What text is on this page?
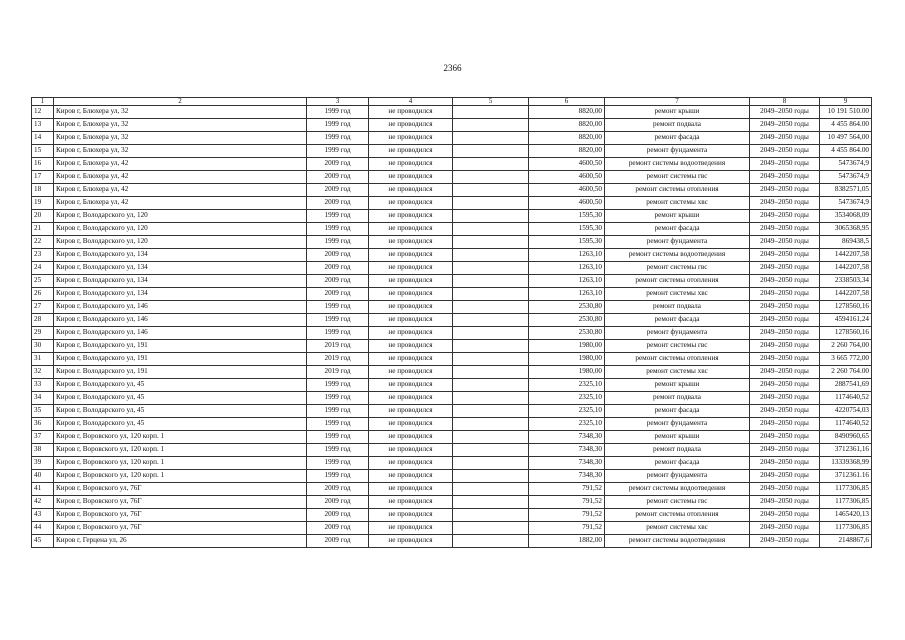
2366
1	2	3	4	5	6	7	8	9
12	Киров г, Блюхера ул, 32	1999 год	не проводился		8820,00	ремонт крыши	2049–2050 годы	10 191 510.00
13	Киров г, Блюхера ул, 32	1999 год	не проводился		8820,00	ремонт подвала	2049–2050 годы	4 455 864.00
14	Киров г, Блюхера ул, 32	1999 год	не проводился		8820,00	ремонт фасада	2049–2050 годы	10 497 564,00
15	Киров г, Блюхера ул, 32	1999 год	не проводился		8820,00	ремонт фундамента	2049–2050 годы	4 455 864.00
16	Киров г, Блюхера ул, 42	2009 год	не проводился		4600,50	ремонт системы водоотведения	2049–2050 годы	5473674,9
17	Киров г, Блюхера ул, 42	2009 год	не проводился		4600,50	ремонт системы гвс	2049–2050 годы	5473674,9
18	Киров г, Блюхера ул, 42	2009 год	не проводился		4600,50	ремонт системы отопления	2049–2050 годы	8382571,05
19	Киров г, Блюхера ул, 42	2009 год	не проводился		4600,50	ремонт системы хвс	2049–2050 годы	5473674,9
20	Киров г, Володарского ул, 120	1999 год	не проводился		1595,30	ремонт крыши	2049–2050 годы	3534068,09
21	Киров г, Володарского ул, 120	1999 год	не проводился		1595,30	ремонт фасада	2049–2050 годы	3065368,95
22	Киров г, Володарского ул, 120	1999 год	не проводился		1595,30	ремонт фундамента	2049–2050 годы	869438,5
23	Киров г, Володарского ул, 134	2009 год	не проводился		1263,10	ремонт системы водоотведения	2049–2050 годы	1442207,58
24	Киров г, Володарского ул, 134	2009 год	не проводился		1263,10	ремонт системы гвс	2049–2050 годы	1442207,58
25	Киров г, Володарского ул, 134	2009 год	не проводился		1263,10	ремонт системы отопления	2049–2050 годы	2338503,34
26	Киров г, Володарского ул, 134	2009 год	не проводился		1263,10	ремонт системы хвс	2049–2050 годы	1442207,58
27	Киров г, Володарского ул, 146	1999 год	не проводился		2530,80	ремонт подвала	2049–2050 годы	1278560,16
28	Киров г, Володарского ул, 146	1999 год	не проводился		2530,80	ремонт фасада	2049–2050 годы	4594161,24
29	Киров г, Володарского ул, 146	1999 год	не проводился		2530,80	ремонт фундамента	2049–2050 годы	1278560,16
30	Киров г, Володарского ул, 191	2019 год	не проводился		1980,00	ремонт системы гвс	2049–2050 годы	2 260 764,00
31	Киров г, Володарского ул, 191	2019 год	не проводился		1980,00	ремонт системы отопления	2049–2050 годы	3 665 772,00
32	Киров г. Володарского ул, 191	2019 год	не проводился		1980,00	ремонт системы хвс	2049–2050 годы	2 260 764.00
33	Киров г, Володарского ул, 45	1999 год	не проводился		2325,10	ремонт крыши	2049–2050 годы	2887541,69
34	Киров г, Володарского ул, 45	1999 год	не проводился		2325,10	ремонт подвала	2049–2050 годы	1174640,52
35	Киров г, Володарского ул, 45	1999 год	не проводился		2325,10	ремонт фасада	2049–2050 годы	4220754,03
36	Киров г, Володарского ул, 45	1999 год	не проводился		2325,10	ремонт фундамента	2049–2050 годы	1174640,52
37	Киров г, Воровского ул, 120 корп. 1	1999 год	не проводился		7348,30	ремонт крыши	2049–2050 годы	8490960,65
38	Киров г, Воровского ул, 120 корп. 1	1999 год	не проводился		7348,30	ремонт подвала	2049–2050 годы	3712361,16
39	Киров г, Воровского ул, 120 корп. 1	1999 год	не проводился		7348,30	ремонт фасада	2049–2050 годы	13339368,99
40	Киров г, Воровского ул, 120 корп. 1	1999 год	не проводился		7348,30	ремонт фундамента	2049–2050 годы	3712361.16
41	Киров г, Воровского ул, 76Г	2009 год	не проводился		791,52	ремонт системы водоотведения	2049–2050 годы	1177306,85
42	Киров г, Воровского ул, 76Г	2009 год	не проводился		791,52	ремонт системы гвс	2049–2050 годы	1177306,85
43	Киров г, Воровского ул, 76Г	2009 год	не проводился		791,52	ремонт системы отопления	2049–2050 годы	1465420,13
44	Киров г, Воровского ул, 76Г	2009 год	не проводился		791,52	ремонт системы хвс	2049–2050 годы	1177306,85
45	Киров г, Герцена ул, 26	2009 год	не проводился		1882,00	ремонт системы водоотведения	2049–2050 годы	2148867,6
